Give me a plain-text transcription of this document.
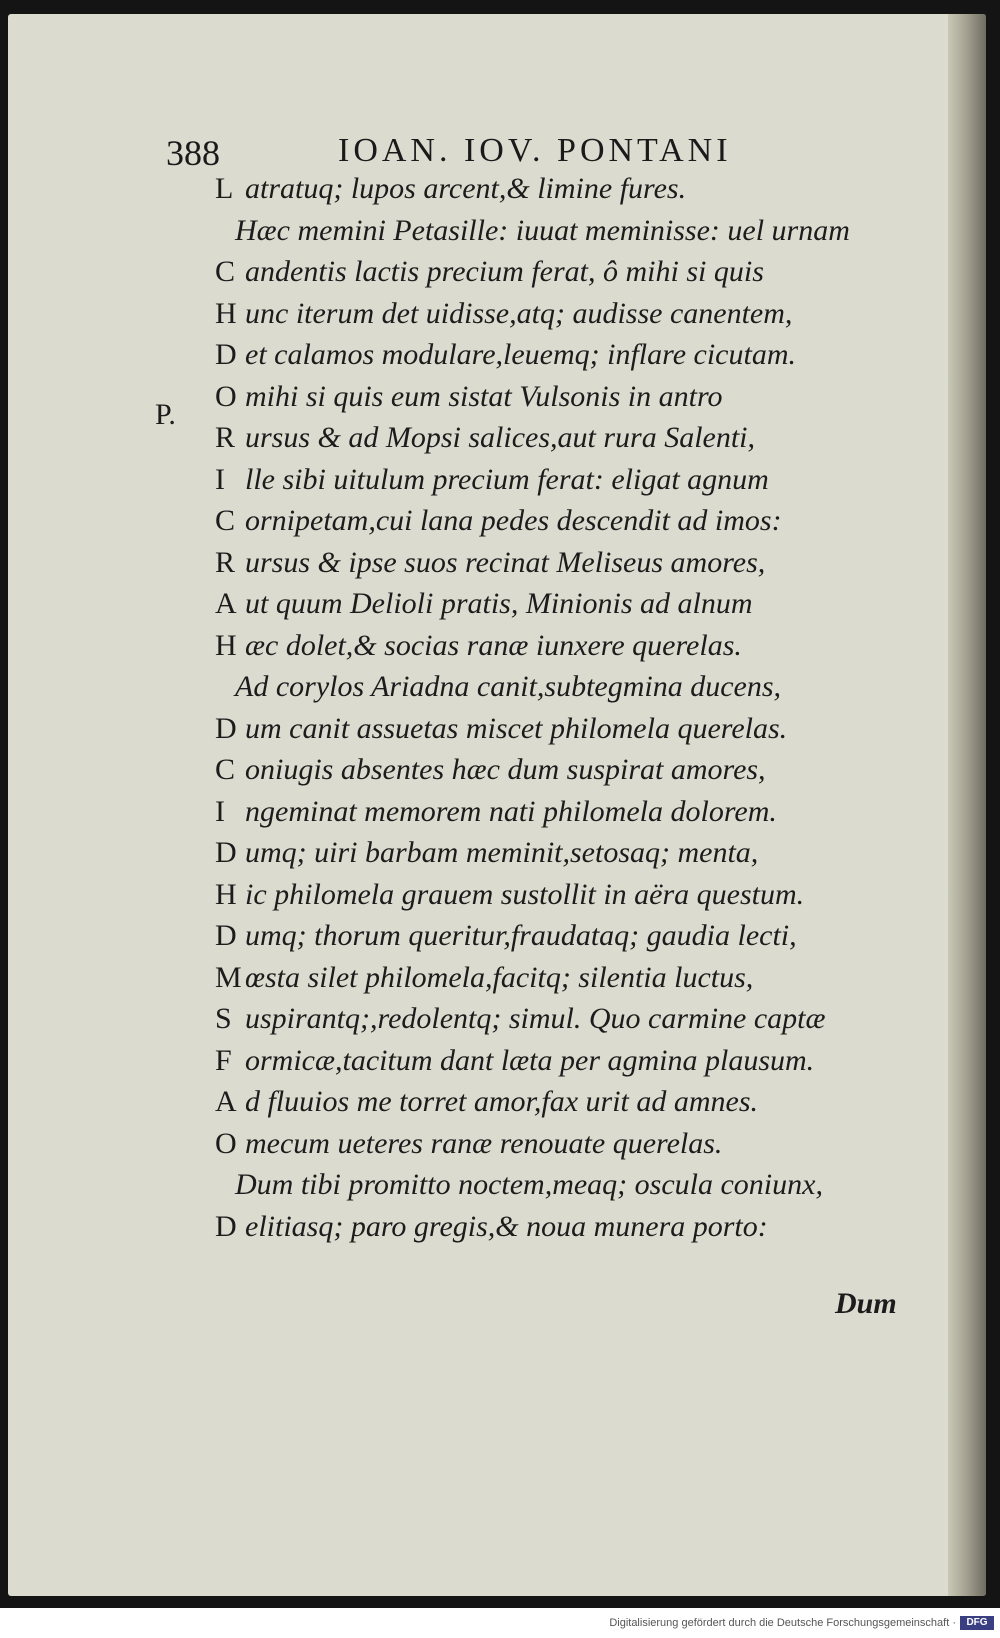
388	IOAN. IOV. PONTANI
P.
L atratuq; lupos arcent,& limine fures.
Hæc memini Petasille: iuuat meminisse: uel urnam
C andentis lactis precium ferat, ô mihi si quis
H unc iterum det uidisse,atq; audisse canentem,
D et calamos modulare,leuemq; inflare cicutam.
O mihi si quis eum sistat Vulsonis in antro
R ursus & ad Mopsi salices,aut rura Salenti,
I lle sibi uitulum precium ferat: eligat agnum
C ornipetam,cui lana pedes descendit ad imos:
R ursus & ipse suos recinat Meliseus amores,
A ut quum Delioli pratis, Minionis ad alnum
H æc dolet,& socias ranæ iunxere querelas.
Ad corylos Ariadna canit,subtegmina ducens,
D um canit assuetas miscet philomela querelas.
C oniugis absentes hæc dum suspirat amores,
I ngeminat memorem nati philomela dolorem.
D umq; uiri barbam meminit,setosaq; menta,
H ic philomela grauem sustollit in aëra questum.
D umq; thorum queritur,fraudataq; gaudia lecti,
M œsta silet philomela,facitq; silentia luctus,
S uspirantq;,redolentq; simul. Quo carmine captæ
F ormicæ,tacitum dant læta per agmina plausum.
A d fluuios me torret amor,fax urit ad amnes.
O mecum ueteres ranæ renouate querelas.
Dum tibi promitto noctem,meaq; oscula coniunx,
D elitiasq; paro gregis,& noua munera porto:
Dum
Digitalisierung gefördert durch die Deutsche Forschungsgemeinschaft ·	DFG
